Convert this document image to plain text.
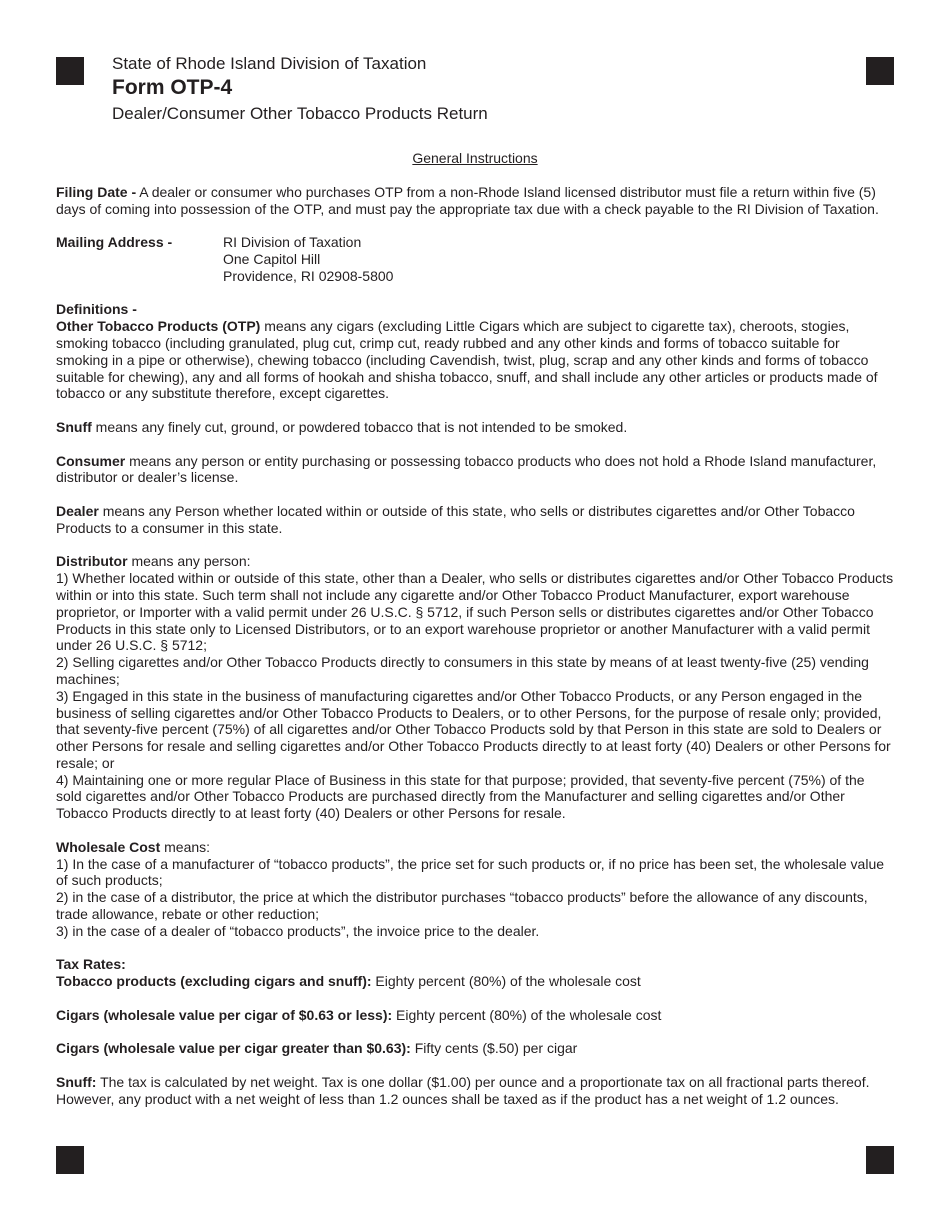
State of Rhode Island Division of Taxation
Form OTP-4
Dealer/Consumer Other Tobacco Products Return
General Instructions

Filing Date - A dealer or consumer who purchases OTP from a non-Rhode Island licensed distributor must file a return within five (5) days of coming into possession of the OTP, and must pay the appropriate tax due with a check payable to the RI Division of Taxation.

Mailing Address -	RI Division of Taxation
One Capitol Hill
Providence, RI 02908-5800

Definitions -

Other Tobacco Products (OTP) means any cigars (excluding Little Cigars which are subject to cigarette tax), cheroots, stogies, smoking tobacco (including granulated, plug cut, crimp cut, ready rubbed and any other kinds and forms of tobacco suitable for smoking in a pipe or otherwise), chewing tobacco (including Cavendish, twist, plug, scrap and any other kinds and forms of tobacco suitable for chewing), any and all forms of hookah and shisha tobacco, snuff, and shall include any other articles or products made of tobacco or any substitute therefore, except cigarettes.

Snuff means any finely cut, ground, or powdered tobacco that is not intended to be smoked.

Consumer means any person or entity purchasing or possessing tobacco products who does not hold a Rhode Island manufacturer, distributor or dealer’s license.

Dealer means any Person whether located within or outside of this state, who sells or distributes cigarettes and/or Other Tobacco Products to a consumer in this state.

Distributor means any person:

1) Whether located within or outside of this state, other than a Dealer, who sells or distributes cigarettes and/or Other Tobacco Products within or into this state. Such term shall not include any cigarette and/or Other Tobacco Product Manufacturer, export warehouse proprietor, or Importer with a valid permit under 26 U.S.C. § 5712, if such Person sells or distributes cigarettes and/or Other Tobacco Products in this state only to Licensed Distributors, or to an export warehouse proprietor or another Manufacturer with a valid permit under 26 U.S.C. § 5712;

2) Selling cigarettes and/or Other Tobacco Products directly to consumers in this state by means of at least twenty-five (25) vending machines;

3) Engaged in this state in the business of manufacturing cigarettes and/or Other Tobacco Products, or any Person engaged in the business of selling cigarettes and/or Other Tobacco Products to Dealers, or to other Persons, for the purpose of resale only; provided, that seventy-five percent (75%) of all cigarettes and/or Other Tobacco Products sold by that Person in this state are sold to Dealers or other Persons for resale and selling cigarettes and/or Other Tobacco Products directly to at least forty (40) Dealers or other Persons for resale; or

4) Maintaining one or more regular Place of Business in this state for that purpose; provided, that seventy-five percent (75%) of the sold cigarettes and/or Other Tobacco Products are purchased directly from the Manufacturer and selling cigarettes and/or Other Tobacco Products directly to at least forty (40) Dealers or other Persons for resale.

Wholesale Cost means:

1) In the case of a manufacturer of “tobacco products”, the price set for such products or, if no price has been set, the wholesale value of such products;

2) in the case of a distributor, the price at which the distributor purchases “tobacco products” before the allowance of any discounts, trade allowance, rebate or other reduction;

3) in the case of a dealer of “tobacco products”, the invoice price to the dealer.

Tax Rates:

Tobacco products (excluding cigars and snuff): Eighty percent (80%) of the wholesale cost

Cigars (wholesale value per cigar of $0.63 or less): Eighty percent (80%) of the wholesale cost

Cigars (wholesale value per cigar greater than $0.63): Fifty cents ($.50) per cigar

Snuff: The tax is calculated by net weight. Tax is one dollar ($1.00) per ounce and a proportionate tax on all fractional parts thereof. However, any product with a net weight of less than 1.2 ounces shall be taxed as if the product has a net weight of 1.2 ounces.
